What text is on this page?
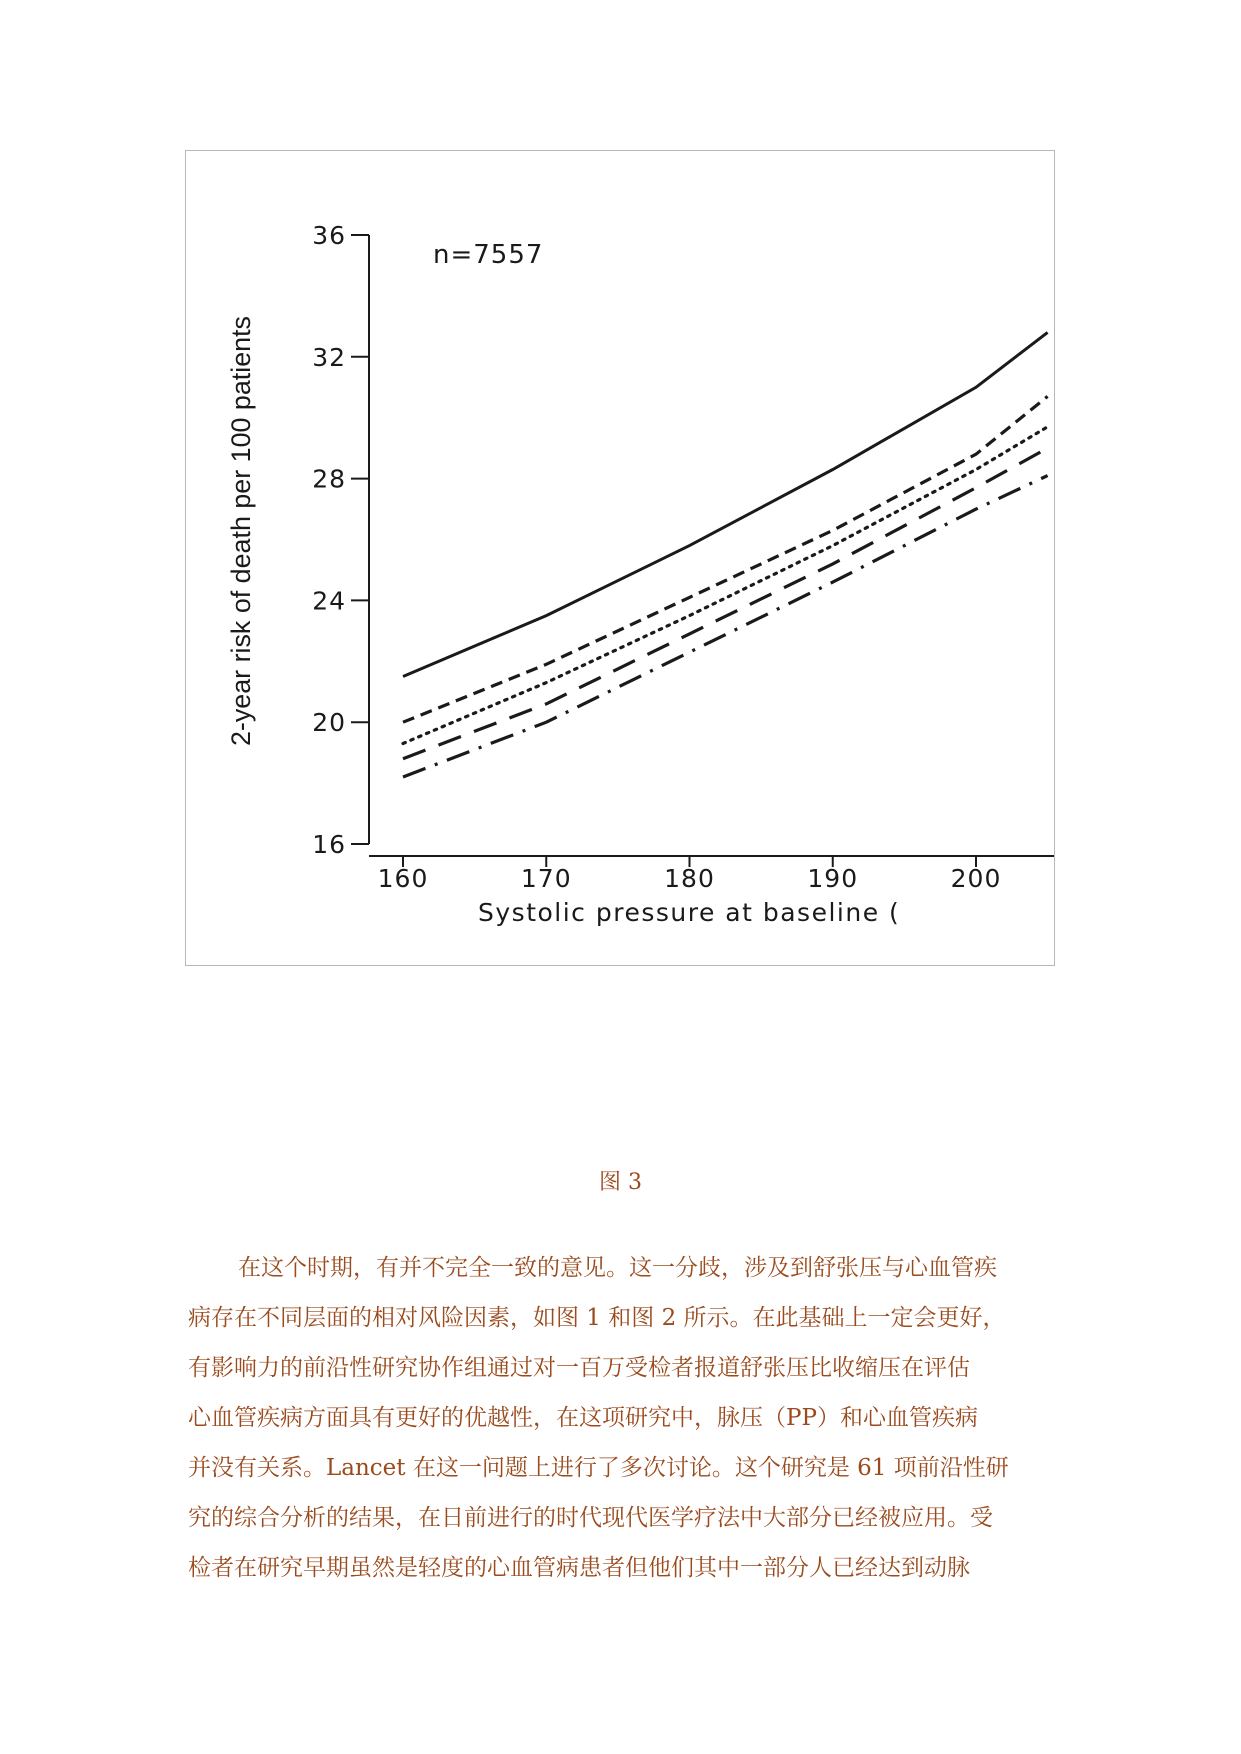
16
20
24
28
32
36
160	170	180	190	200
n=7557
Systolic pressure at baseline (
2-year risk of death per 100 patients
图 3

在这个时期，有并不完全一致的意见。这一分歧，涉及到舒张压与心血管疾
病存在不同层面的相对风险因素，如图 1 和图 2 所示。在此基础上一定会更好，
有影响力的前沿性研究协作组通过对一百万受检者报道舒张压比收缩压在评估
心血管疾病方面具有更好的优越性，在这项研究中，脉压（PP）和心血管疾病
并没有关系。Lancet 在这一问题上进行了多次讨论。这个研究是 61 项前沿性研
究的综合分析的结果，在日前进行的时代现代医学疗法中大部分已经被应用。受
检者在研究早期虽然是轻度的心血管病患者但他们其中一部分人已经达到动脉
